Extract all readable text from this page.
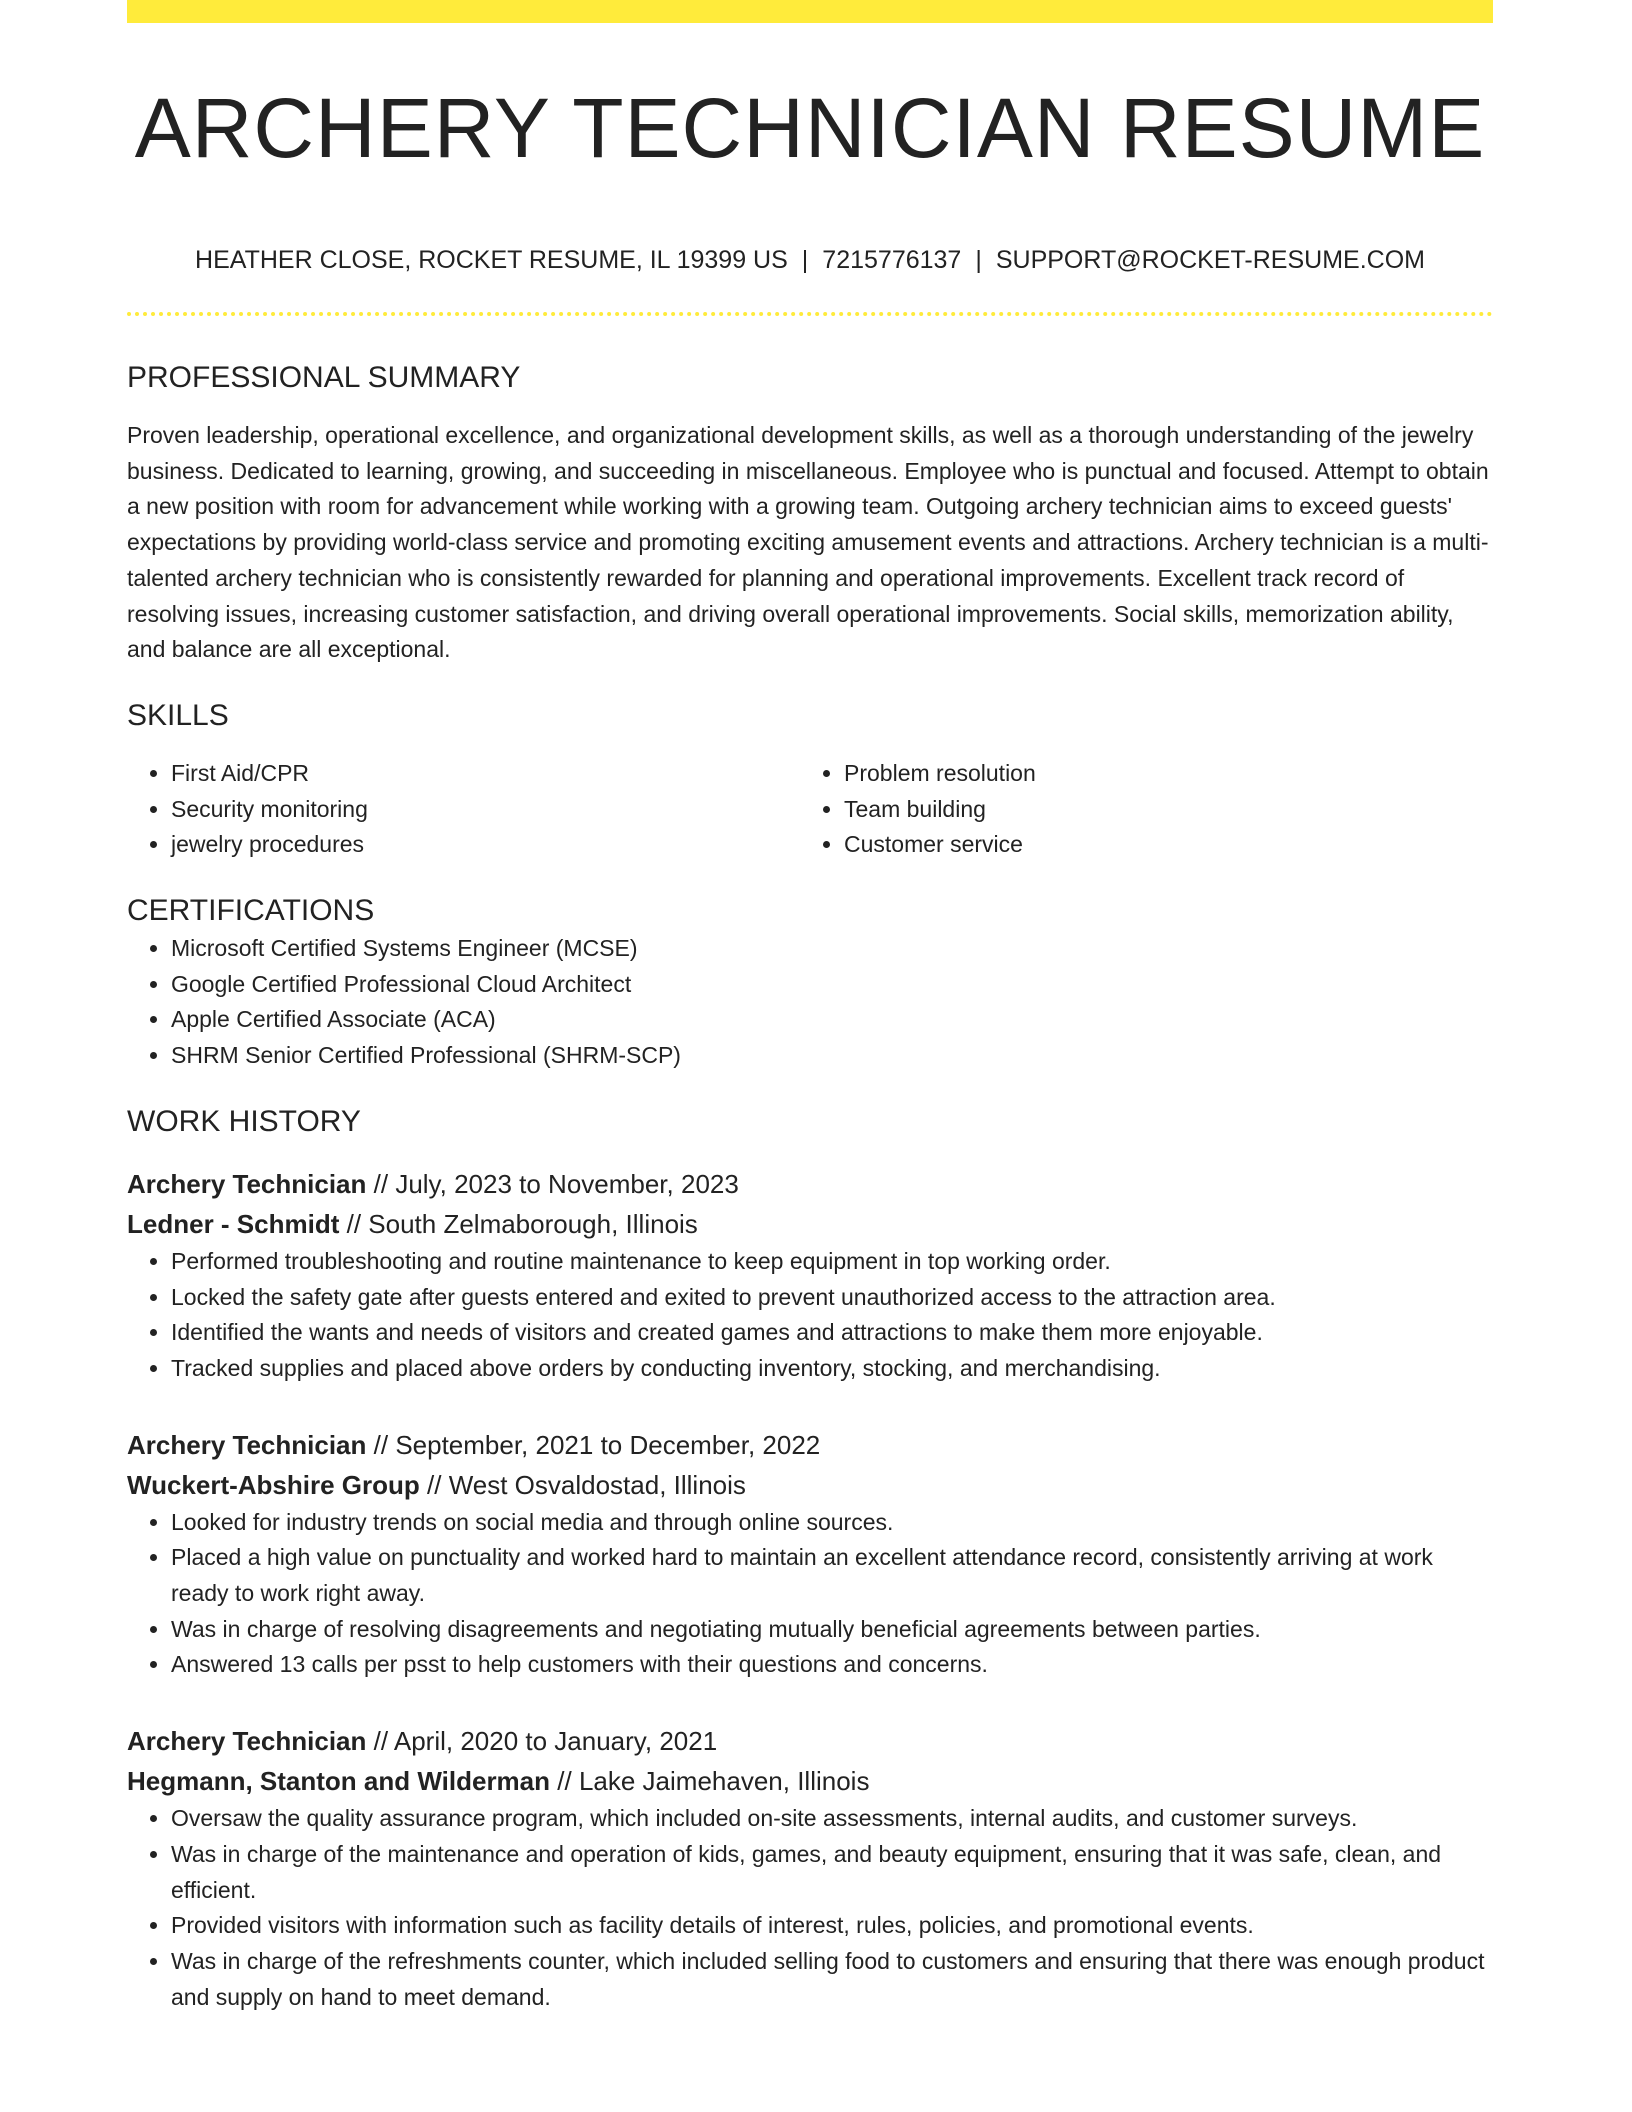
ARCHERY TECHNICIAN RESUME
HEATHER CLOSE, ROCKET RESUME, IL 19399 US | 7215776137 | SUPPORT@ROCKET-RESUME.COM
PROFESSIONAL SUMMARY

Proven leadership, operational excellence, and organizational development skills, as well as a thorough understanding of the jewelry business. Dedicated to learning, growing, and succeeding in miscellaneous. Employee who is punctual and focused. Attempt to obtain a new position with room for advancement while working with a growing team. Outgoing archery technician aims to exceed guests' expectations by providing world-class service and promoting exciting amusement events and attractions. Archery technician is a multi-talented archery technician who is consistently rewarded for planning and operational improvements. Excellent track record of resolving issues, increasing customer satisfaction, and driving overall operational improvements. Social skills, memorization ability, and balance are all exceptional.

SKILLS
• First Aid/CPR
• Security monitoring
• jewelry procedures
• Problem resolution
• Team building
• Customer service
CERTIFICATIONS
• Microsoft Certified Systems Engineer (MCSE)
• Google Certified Professional Cloud Architect
• Apple Certified Associate (ACA)
• SHRM Senior Certified Professional (SHRM-SCP)
WORK HISTORY
Archery Technician // July, 2023 to November, 2023
Ledner - Schmidt // South Zelmaborough, Illinois
• Performed troubleshooting and routine maintenance to keep equipment in top working order.
• Locked the safety gate after guests entered and exited to prevent unauthorized access to the attraction area.
• Identified the wants and needs of visitors and created games and attractions to make them more enjoyable.
• Tracked supplies and placed above orders by conducting inventory, stocking, and merchandising.
Archery Technician // September, 2021 to December, 2022
Wuckert-Abshire Group // West Osvaldostad, Illinois
• Looked for industry trends on social media and through online sources.
• Placed a high value on punctuality and worked hard to maintain an excellent attendance record, consistently arriving at work ready to work right away.
• Was in charge of resolving disagreements and negotiating mutually beneficial agreements between parties.
• Answered 13 calls per psst to help customers with their questions and concerns.
Archery Technician // April, 2020 to January, 2021
Hegmann, Stanton and Wilderman // Lake Jaimehaven, Illinois
• Oversaw the quality assurance program, which included on-site assessments, internal audits, and customer surveys.
• Was in charge of the maintenance and operation of kids, games, and beauty equipment, ensuring that it was safe, clean, and efficient.
• Provided visitors with information such as facility details of interest, rules, policies, and promotional events.
• Was in charge of the refreshments counter, which included selling food to customers and ensuring that there was enough product and supply on hand to meet demand.
